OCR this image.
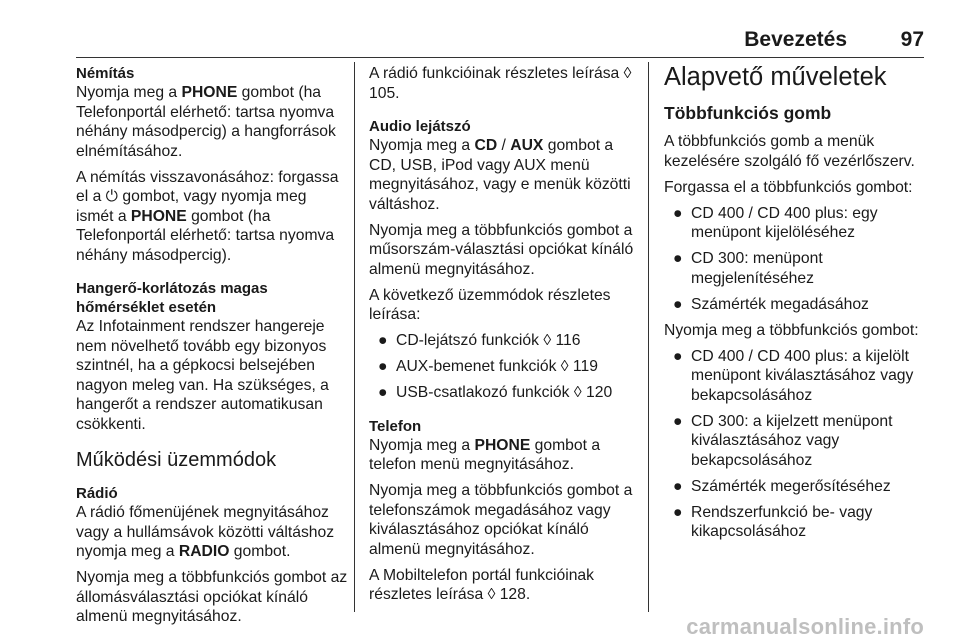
Bevezetés	97
Némítás

Nyomja meg a PHONE gombot (ha Telefonportál elérhető: tartsa nyomva néhány másodpercig) a hangforrások elnémításához.

A némítás visszavonásához: forgassa el a ⏻ gombot, vagy nyomja meg ismét a PHONE gombot (ha Telefonportál elérhető: tartsa nyomva néhány másodpercig).

Hangerő-korlátozás magas hőmérséklet esetén

Az Infotainment rendszer hangereje nem növelhető tovább egy bizonyos szintnél, ha a gépkocsi belsejében nagyon meleg van. Ha szükséges, a hangerőt a rendszer automatikusan csökkenti.

Működési üzemmódok
Rádió

A rádió főmenüjének megnyitásához vagy a hullámsávok közötti váltáshoz nyomja meg a RADIO gombot.

Nyomja meg a többfunkciós gombot az állomásválasztási opciókat kínáló almenü megnyitásához.

A rádió funkcióinak részletes leírása ◊ 105.

Audio lejátszó

Nyomja meg a CD / AUX gombot a CD, USB, iPod vagy AUX menü megnyitásához, vagy e menük közötti váltáshoz.

Nyomja meg a többfunkciós gombot a műsorszám-választási opciókat kínáló almenü megnyitásához.

A következő üzemmódok részletes leírása:

● CD-lejátszó funkciók ◊ 116
● AUX-bemenet funkciók ◊ 119
● USB-csatlakozó funkciók ◊ 120
Telefon

Nyomja meg a PHONE gombot a telefon menü megnyitásához.

Nyomja meg a többfunkciós gombot a telefonszámok megadásához vagy kiválasztásához opciókat kínáló almenü megnyitásához.

A Mobiltelefon portál funkcióinak részletes leírása ◊ 128.

Alapvető műveletek
Többfunkciós gomb

A többfunkciós gomb a menük kezelésére szolgáló fő vezérlőszerv.

Forgassa el a többfunkciós gombot:

● CD 400 / CD 400 plus: egy menüpont kijelöléséhez
● CD 300: menüpont megjelenítéséhez
● Számérték megadásához

Nyomja meg a többfunkciós gombot:

● CD 400 / CD 400 plus: a kijelölt menüpont kiválasztásához vagy bekapcsolásához
● CD 300: a kijelzett menüpont kiválasztásához vagy bekapcsolásához
● Számérték megerősítéséhez
● Rendszerfunkció be- vagy kikapcsolásához
carmanualsonline.info
